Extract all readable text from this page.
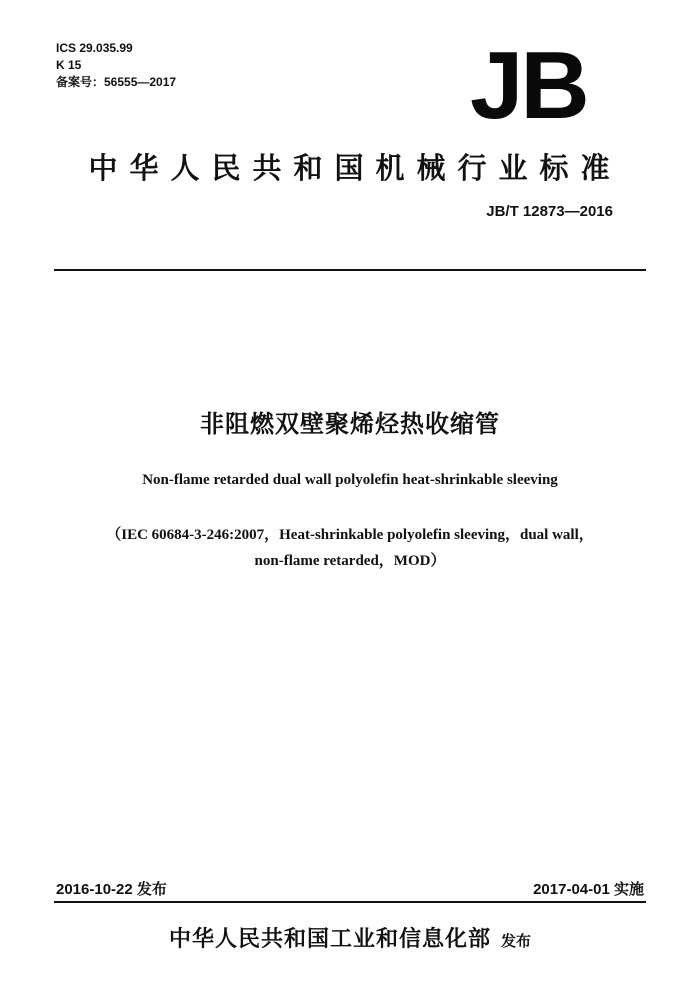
ICS 29.035.99
K 15
备案号：56555—2017	JB
中华人民共和国机械行业标准
JB/T 12873—2016
非阻燃双壁聚烯烃热收缩管
Non-flame retarded dual wall polyolefin heat-shrinkable sleeving
（IEC 60684-3-246:2007，Heat-shrinkable polyolefin sleeving，dual wall，
non-flame retarded，MOD）
2016-10-22 发布	2017-04-01 实施
中华人民共和国工业和信息化部 发布
